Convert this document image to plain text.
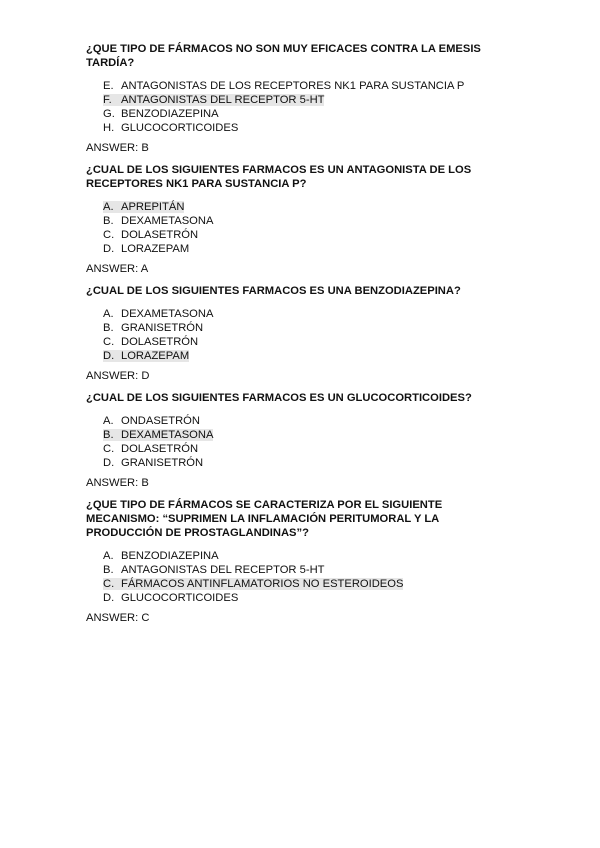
¿QUE TIPO DE FÁRMACOS NO SON MUY EFICACES CONTRA LA EMESIS TARDÍA?
E. ANTAGONISTAS DE LOS RECEPTORES NK1 PARA SUSTANCIA P
F. ANTAGONISTAS DEL RECEPTOR 5-HT
G. BENZODIAZEPINA
H. GLUCOCORTICOIDES
ANSWER: B
¿CUAL DE LOS SIGUIENTES FARMACOS ES UN ANTAGONISTA DE LOS RECEPTORES NK1 PARA SUSTANCIA P?
A. APREPITÁN
B. DEXAMETASONA
C. DOLASETRÓN
D. LORAZEPAM
ANSWER: A
¿CUAL DE LOS SIGUIENTES FARMACOS ES UNA BENZODIAZEPINA?
A. DEXAMETASONA
B. GRANISETRÓN
C. DOLASETRÓN
D. LORAZEPAM
ANSWER: D
¿CUAL DE LOS SIGUIENTES FARMACOS ES UN GLUCOCORTICOIDES?
A. ONDASETRÓN
B. DEXAMETASONA
C. DOLASETRÓN
D. GRANISETRÓN
ANSWER: B
¿QUE TIPO DE FÁRMACOS SE CARACTERIZA POR EL SIGUIENTE MECANISMO: “SUPRIMEN LA INFLAMACIÓN PERITUMORAL Y LA PRODUCCIÓN DE PROSTAGLANDINAS”?
A. BENZODIAZEPINA
B. ANTAGONISTAS DEL RECEPTOR 5-HT
C. FÁRMACOS ANTINFLAMATORIOS NO ESTEROIDEOS
D. GLUCOCORTICOIDES
ANSWER: C
